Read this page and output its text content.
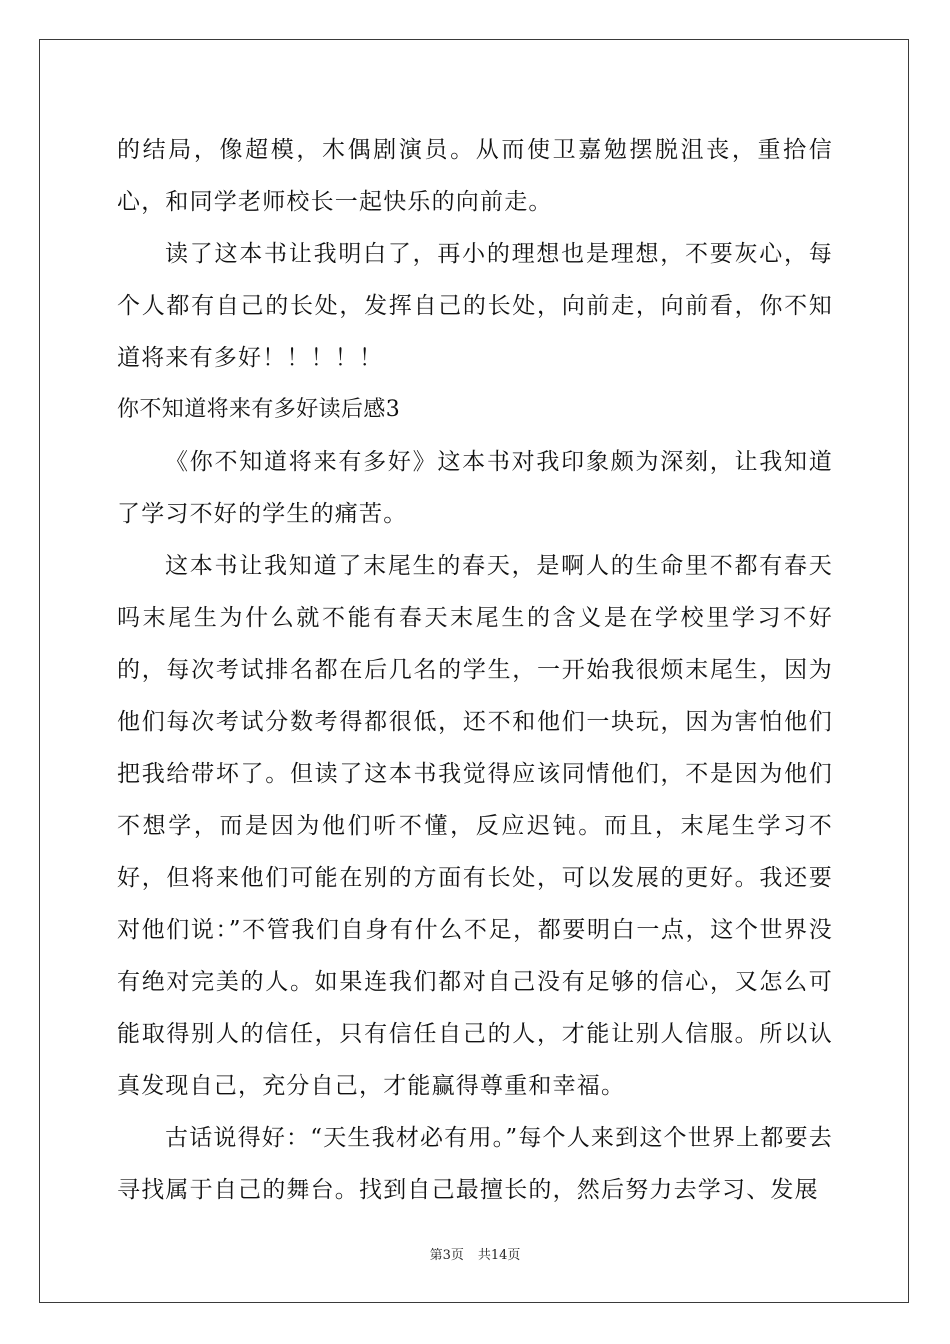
的结局，像超模，木偶剧演员。从而使卫嘉勉摆脱沮丧，重拾信心，和同学老师校长一起快乐的向前走。

读了这本书让我明白了，再小的理想也是理想，不要灰心，每个人都有自己的长处，发挥自己的长处，向前走，向前看，你不知道将来有多好！！！！！

你不知道将来有多好读后感3

《你不知道将来有多好》这本书对我印象颇为深刻，让我知道了学习不好的学生的痛苦。

这本书让我知道了末尾生的春天，是啊人的生命里不都有春天吗末尾生为什么就不能有春天末尾生的含义是在学校里学习不好的，每次考试排名都在后几名的学生，一开始我很烦末尾生，因为他们每次考试分数考得都很低，还不和他们一块玩，因为害怕他们把我给带坏了。但读了这本书我觉得应该同情他们，不是因为他们不想学，而是因为他们听不懂，反应迟钝。而且，末尾生学习不好，但将来他们可能在别的方面有长处，可以发展的更好。我还要对他们说：”不管我们自身有什么不足，都要明白一点，这个世界没有绝对完美的人。如果连我们都对自己没有足够的信心，又怎么可能取得别人的信任，只有信任自己的人，才能让别人信服。所以认真发现自己，充分自己，才能赢得尊重和幸福。

古话说得好：“天生我材必有用。”每个人来到这个世界上都要去寻找属于自己的舞台。找到自己最擅长的，然后努力去学习、发展

第3页 共14页
